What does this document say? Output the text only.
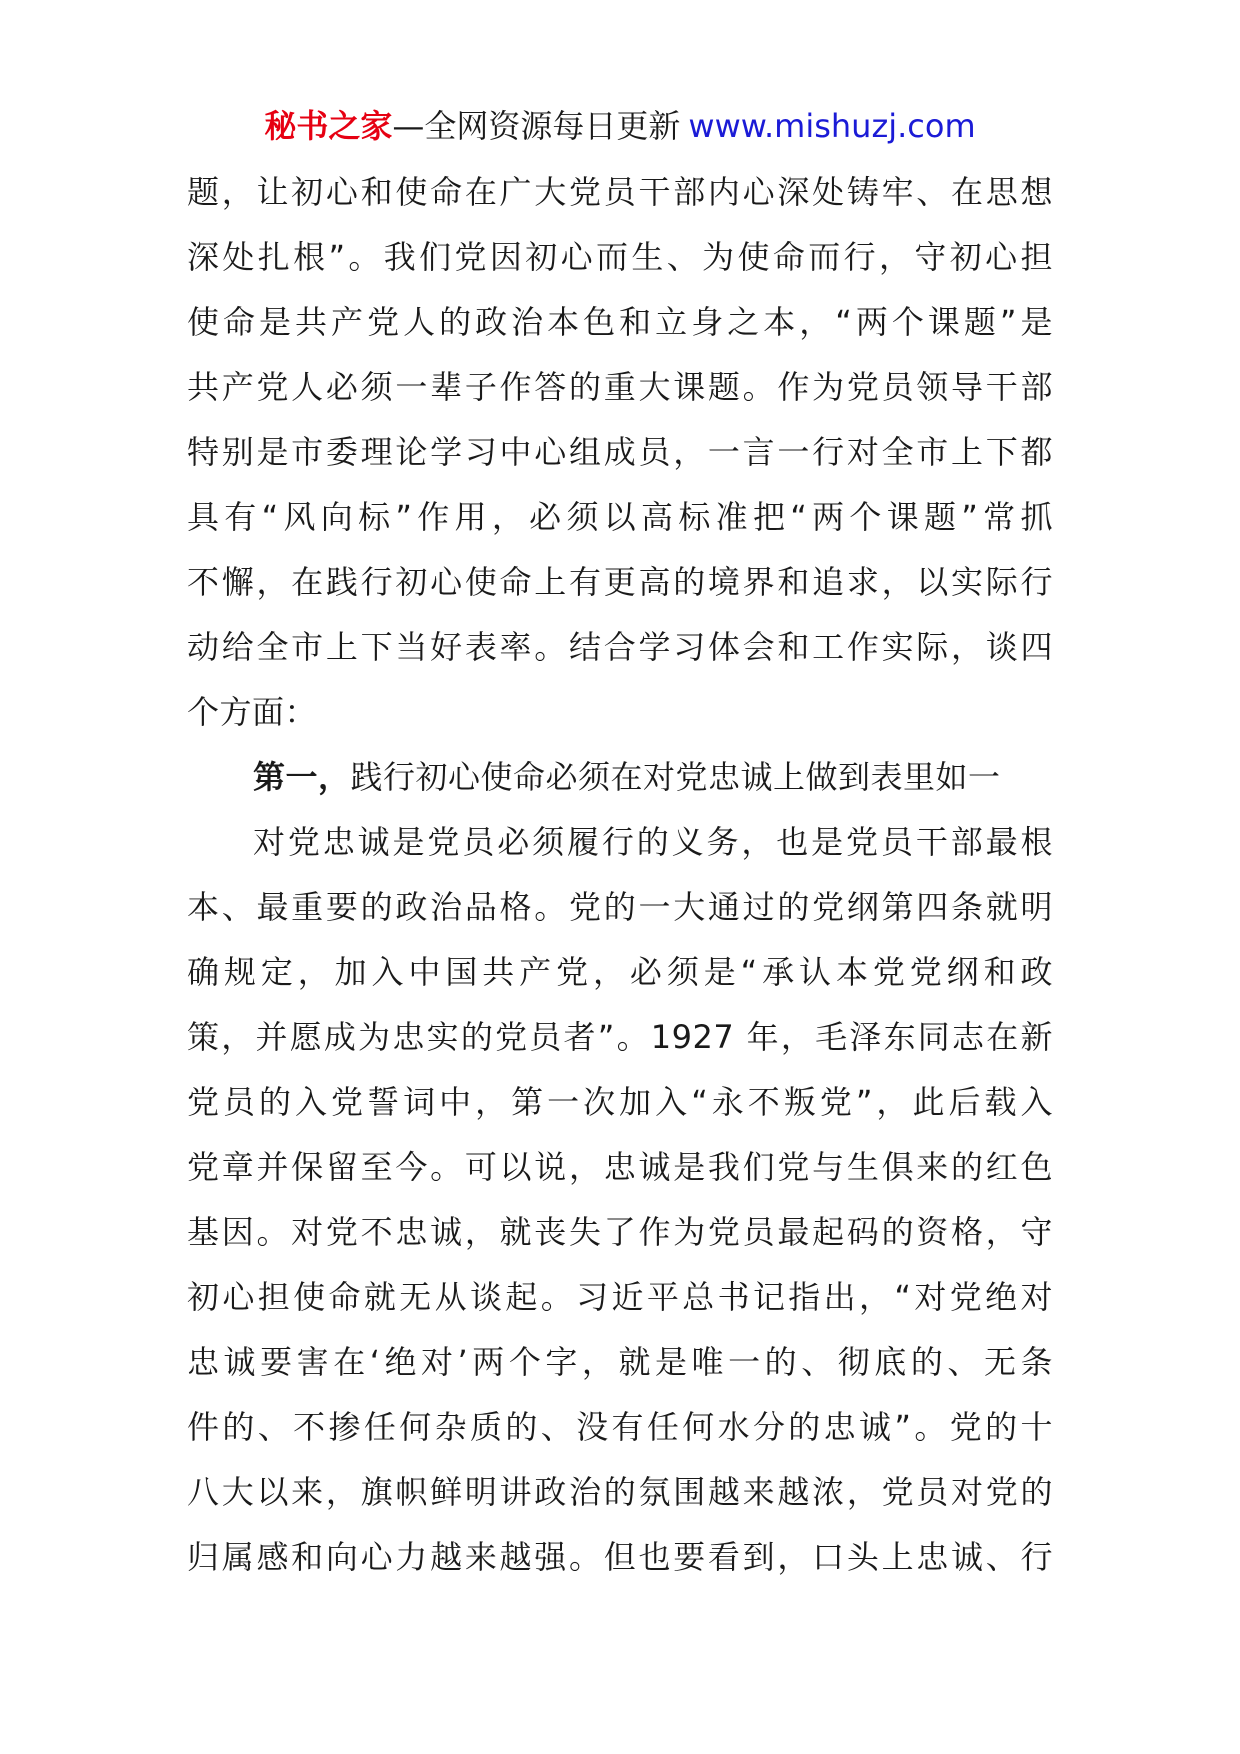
秘书之家—全网资源每日更新 www.mishuzj.com
题，让初心和使命在广大党员干部内心深处铸牢、在思想
深处扎根”。我们党因初心而生、为使命而行，守初心担
使命是共产党人的政治本色和立身之本，“两个课题”是
共产党人必须一辈子作答的重大课题。作为党员领导干部
特别是市委理论学习中心组成员，一言一行对全市上下都
具有“风向标”作用，必须以高标准把“两个课题”常抓
不懈，在践行初心使命上有更高的境界和追求，以实际行
动给全市上下当好表率。结合学习体会和工作实际，谈四
个方面：
第一，践行初心使命必须在对党忠诚上做到表里如一
对党忠诚是党员必须履行的义务，也是党员干部最根
本、最重要的政治品格。党的一大通过的党纲第四条就明
确规定，加入中国共产党，必须是“承认本党党纲和政
策，并愿成为忠实的党员者”。1927 年，毛泽东同志在新
党员的入党誓词中，第一次加入“永不叛党”，此后载入
党章并保留至今。可以说，忠诚是我们党与生俱来的红色
基因。对党不忠诚，就丧失了作为党员最起码的资格，守
初心担使命就无从谈起。习近平总书记指出，“对党绝对
忠诚要害在‘绝对’两个字，就是唯一的、彻底的、无条
件的、不掺任何杂质的、没有任何水分的忠诚”。党的十
八大以来，旗帜鲜明讲政治的氛围越来越浓，党员对党的
归属感和向心力越来越强。但也要看到，口头上忠诚、行
